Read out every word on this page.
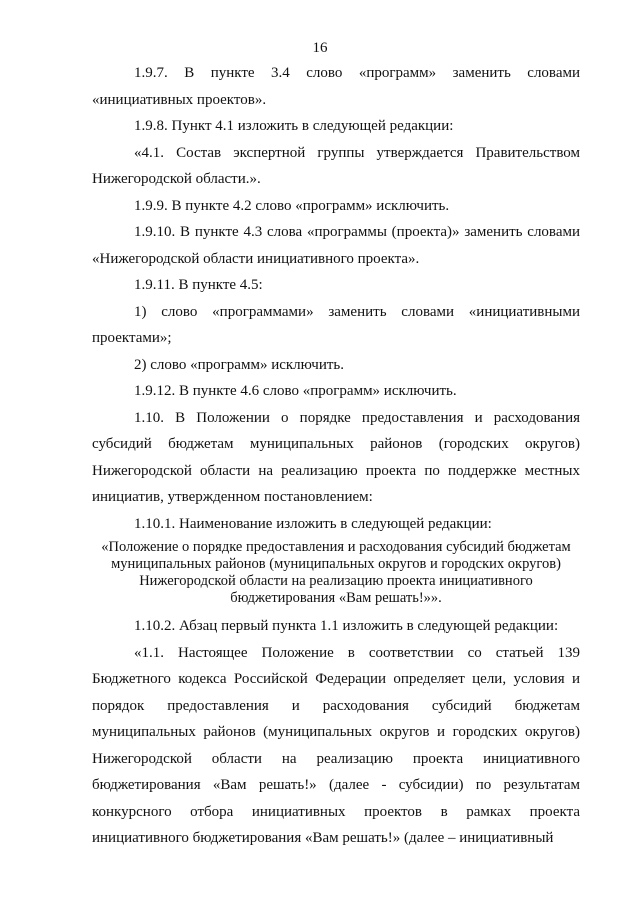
16

1.9.7. В пункте 3.4 слово «программ» заменить словами «инициативных проектов».

1.9.8. Пункт 4.1 изложить в следующей редакции:

«4.1. Состав экспертной группы утверждается Правительством Нижегородской области.».

1.9.9. В пункте 4.2 слово «программ» исключить.

1.9.10. В пункте 4.3 слова «программы (проекта)» заменить словами «Нижегородской области инициативного проекта».

1.9.11. В пункте 4.5:

1) слово «программами» заменить словами «инициативными проектами»;

2) слово «программ» исключить.

1.9.12. В пункте 4.6 слово «программ» исключить.

1.10. В Положении о порядке предоставления и расходования субсидий бюджетам муниципальных районов (городских округов) Нижегородской области на реализацию проекта по поддержке местных инициатив, утвержденном постановлением:

1.10.1. Наименование изложить в следующей редакции:

«Положение о порядке предоставления и расходования субсидий бюджетам муниципальных районов (муниципальных округов и городских округов) Нижегородской области на реализацию проекта инициативного бюджетирования «Вам решать!»».

1.10.2. Абзац первый пункта 1.1 изложить в следующей редакции:

«1.1. Настоящее Положение в соответствии со статьей 139 Бюджетного кодекса Российской Федерации определяет цели, условия и порядок предоставления и расходования субсидий бюджетам муниципальных районов (муниципальных округов и городских округов) Нижегородской области на реализацию проекта инициативного бюджетирования «Вам решать!» (далее - субсидии) по результатам конкурсного отбора инициативных проектов в рамках проекта инициативного бюджетирования «Вам решать!» (далее – инициативный
